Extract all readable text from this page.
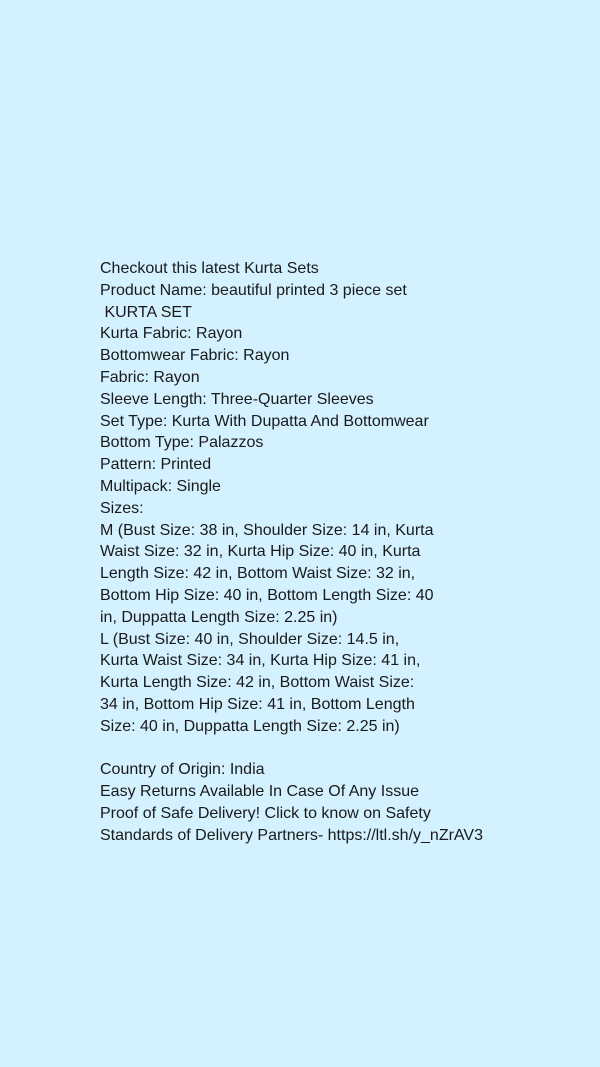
Checkout this latest Kurta Sets
Product Name: beautiful printed 3 piece set
KURTA SET
Kurta Fabric: Rayon
Bottomwear Fabric: Rayon
Fabric: Rayon
Sleeve Length: Three-Quarter Sleeves
Set Type: Kurta With Dupatta And Bottomwear
Bottom Type: Palazzos
Pattern: Printed
Multipack: Single
Sizes:
M (Bust Size: 38 in, Shoulder Size: 14 in, Kurta
Waist Size: 32 in, Kurta Hip Size: 40 in, Kurta
Length Size: 42 in, Bottom Waist Size: 32 in,
Bottom Hip Size: 40 in, Bottom Length Size: 40
in, Duppatta Length Size: 2.25 in)
L (Bust Size: 40 in, Shoulder Size: 14.5 in,
Kurta Waist Size: 34 in, Kurta Hip Size: 41 in,
Kurta Length Size: 42 in, Bottom Waist Size:
34 in, Bottom Hip Size: 41 in, Bottom Length
Size: 40 in, Duppatta Length Size: 2.25 in)
Country of Origin: India
Easy Returns Available In Case Of Any Issue
Proof of Safe Delivery! Click to know on Safety
Standards of Delivery Partners- https://ltl.sh/y_nZrAV3
